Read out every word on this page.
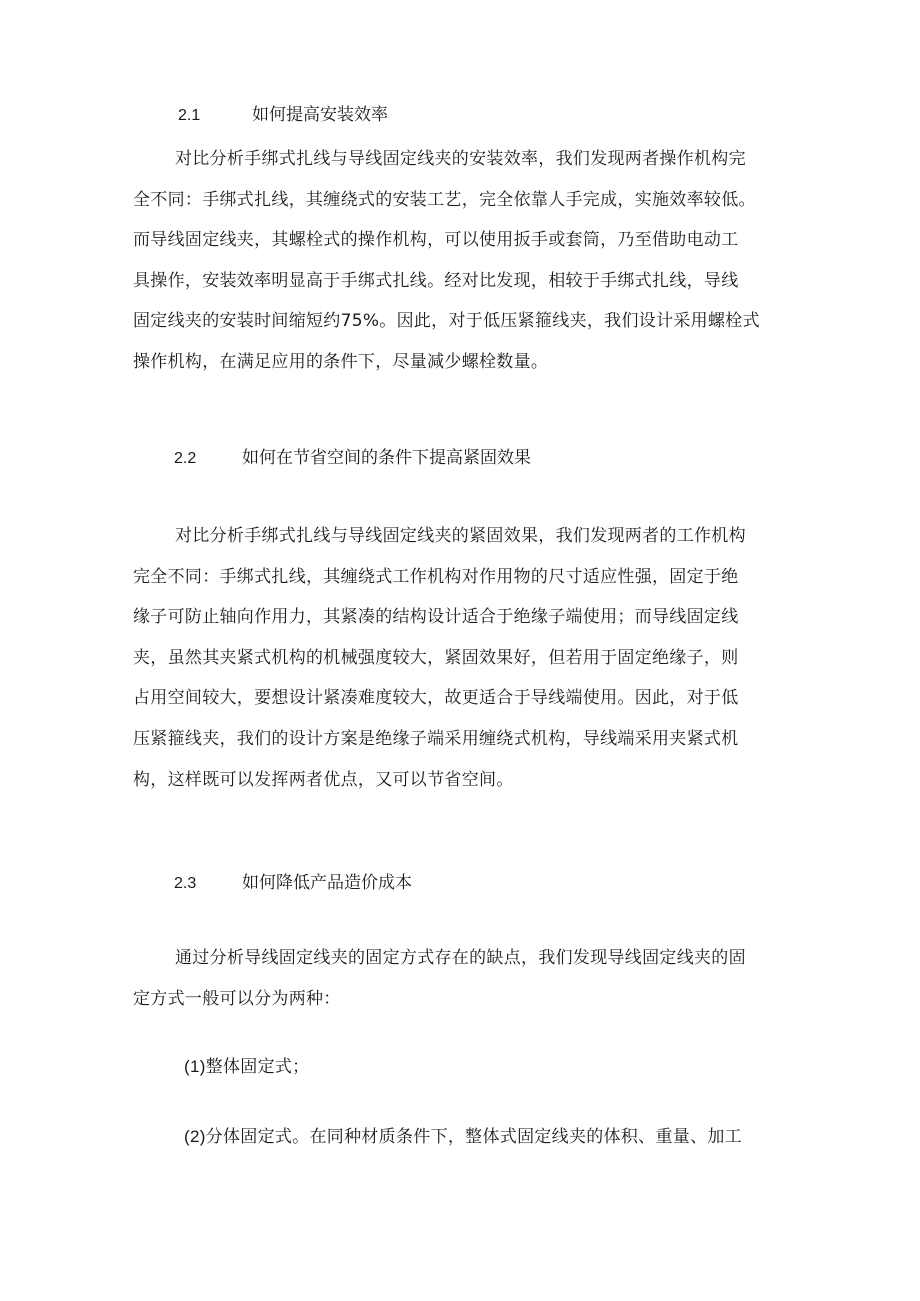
2.1	如何提高安装效率
对比分析手绑式扎线与导线固定线夹的安装效率，我们发现两者操作机构完
全不同：手绑式扎线，其缠绕式的安装工艺，完全依靠人手完成，实施效率较低。
而导线固定线夹，其螺栓式的操作机构，可以使用扳手或套筒，乃至借助电动工
具操作，安装效率明显高于手绑式扎线。经对比发现，相较于手绑式扎线，导线
固定线夹的安装时间缩短约75%。因此，对于低压紧箍线夹，我们设计采用螺栓式
操作机构，在满足应用的条件下，尽量减少螺栓数量。
2.2	如何在节省空间的条件下提高紧固效果
对比分析手绑式扎线与导线固定线夹的紧固效果，我们发现两者的工作机构
完全不同：手绑式扎线，其缠绕式工作机构对作用物的尺寸适应性强，固定于绝
缘子可防止轴向作用力，其紧凑的结构设计适合于绝缘子端使用；而导线固定线
夹，虽然其夹紧式机构的机械强度较大，紧固效果好，但若用于固定绝缘子，则
占用空间较大，要想设计紧凑难度较大，故更适合于导线端使用。因此，对于低
压紧箍线夹，我们的设计方案是绝缘子端采用缠绕式机构，导线端采用夹紧式机
构，这样既可以发挥两者优点，又可以节省空间。
2.3	如何降低产品造价成本
通过分析导线固定线夹的固定方式存在的缺点，我们发现导线固定线夹的固
定方式一般可以分为两种：
(1)整体固定式；
(2)分体固定式。在同种材质条件下，整体式固定线夹的体积、重量、加工
